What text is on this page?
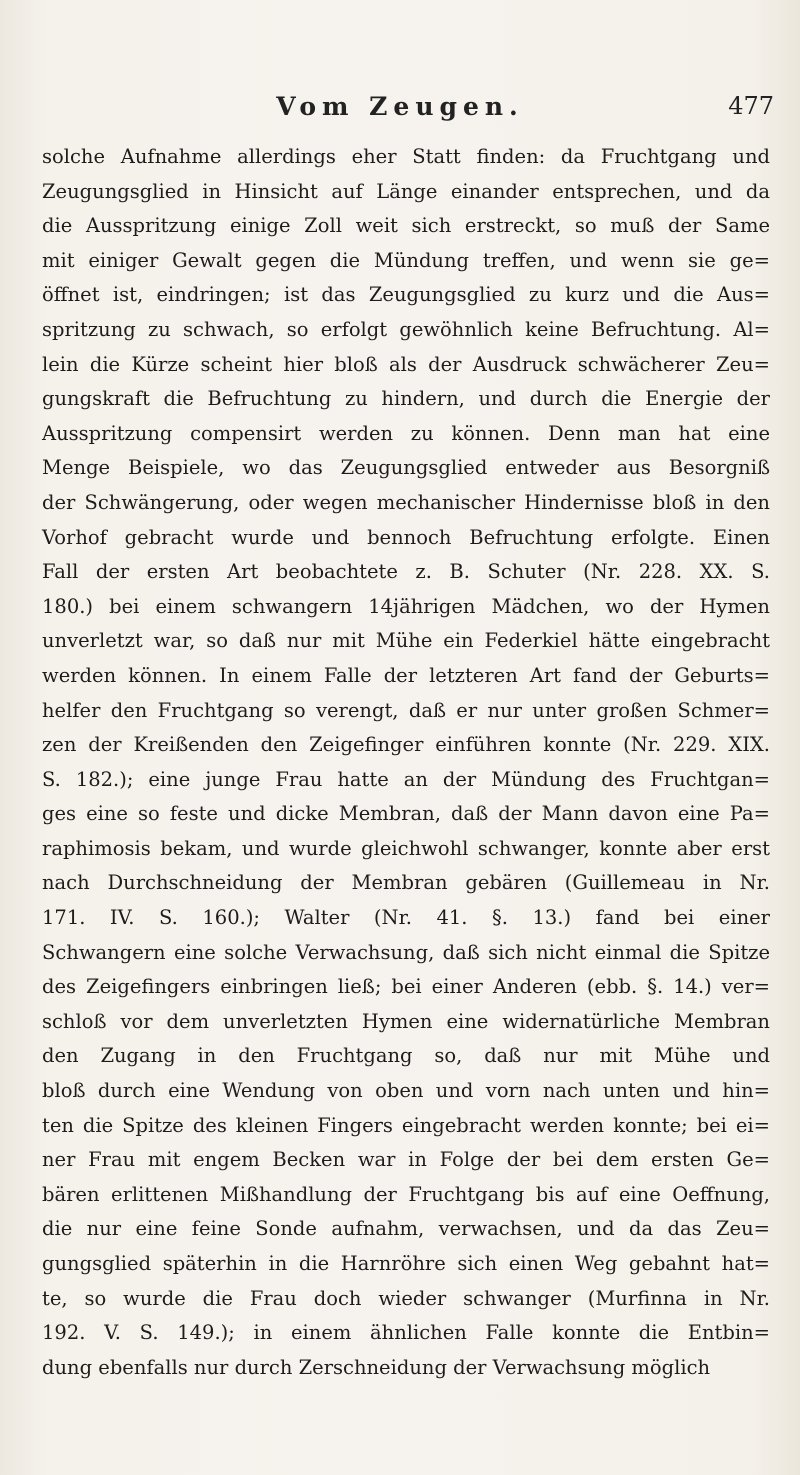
Vom Zeugen.	477
solche Aufnahme allerdings eher Statt finden: da Fruchtgang und
Zeugungsglied in Hinsicht auf Länge einander entsprechen, und da
die Ausspritzung einige Zoll weit sich erstreckt, so muß der Same
mit einiger Gewalt gegen die Mündung treffen, und wenn sie ge=
öffnet ist, eindringen; ist das Zeugungsglied zu kurz und die Aus=
spritzung zu schwach, so erfolgt gewöhnlich keine Befruchtung. Al=
lein die Kürze scheint hier bloß als der Ausdruck schwächerer Zeu=
gungskraft die Befruchtung zu hindern, und durch die Energie der
Ausspritzung compensirt werden zu können. Denn man hat eine
Menge Beispiele, wo das Zeugungsglied entweder aus Besorgniß
der Schwängerung, oder wegen mechanischer Hindernisse bloß in den
Vorhof gebracht wurde und bennoch Befruchtung erfolgte. Einen
Fall der ersten Art beobachtete z. B. Schuter (Nr. 228. XX. S.
180.) bei einem schwangern 14jährigen Mädchen, wo der Hymen
unverletzt war, so daß nur mit Mühe ein Federkiel hätte eingebracht
werden können. In einem Falle der letzteren Art fand der Geburts=
helfer den Fruchtgang so verengt, daß er nur unter großen Schmer=
zen der Kreißenden den Zeigefinger einführen konnte (Nr. 229. XIX.
S. 182.); eine junge Frau hatte an der Mündung des Fruchtgan=
ges eine so feste und dicke Membran, daß der Mann davon eine Pa=
raphimosis bekam, und wurde gleichwohl schwanger, konnte aber erst
nach Durchschneidung der Membran gebären (Guillemeau in Nr.
171. IV. S. 160.); Walter (Nr. 41. §. 13.) fand bei einer
Schwangern eine solche Verwachsung, daß sich nicht einmal die Spitze
des Zeigefingers einbringen ließ; bei einer Anderen (ebb. §. 14.) ver=
schloß vor dem unverletzten Hymen eine widernatürliche Membran
den Zugang in den Fruchtgang so, daß nur mit Mühe und
bloß durch eine Wendung von oben und vorn nach unten und hin=
ten die Spitze des kleinen Fingers eingebracht werden konnte; bei ei=
ner Frau mit engem Becken war in Folge der bei dem ersten Ge=
bären erlittenen Mißhandlung der Fruchtgang bis auf eine Oeffnung,
die nur eine feine Sonde aufnahm, verwachsen, und da das Zeu=
gungsglied späterhin in die Harnröhre sich einen Weg gebahnt hat=
te, so wurde die Frau doch wieder schwanger (Murfinna in Nr.
192. V. S. 149.); in einem ähnlichen Falle konnte die Entbin=
dung ebenfalls nur durch Zerschneidung der Verwachsung möglich
